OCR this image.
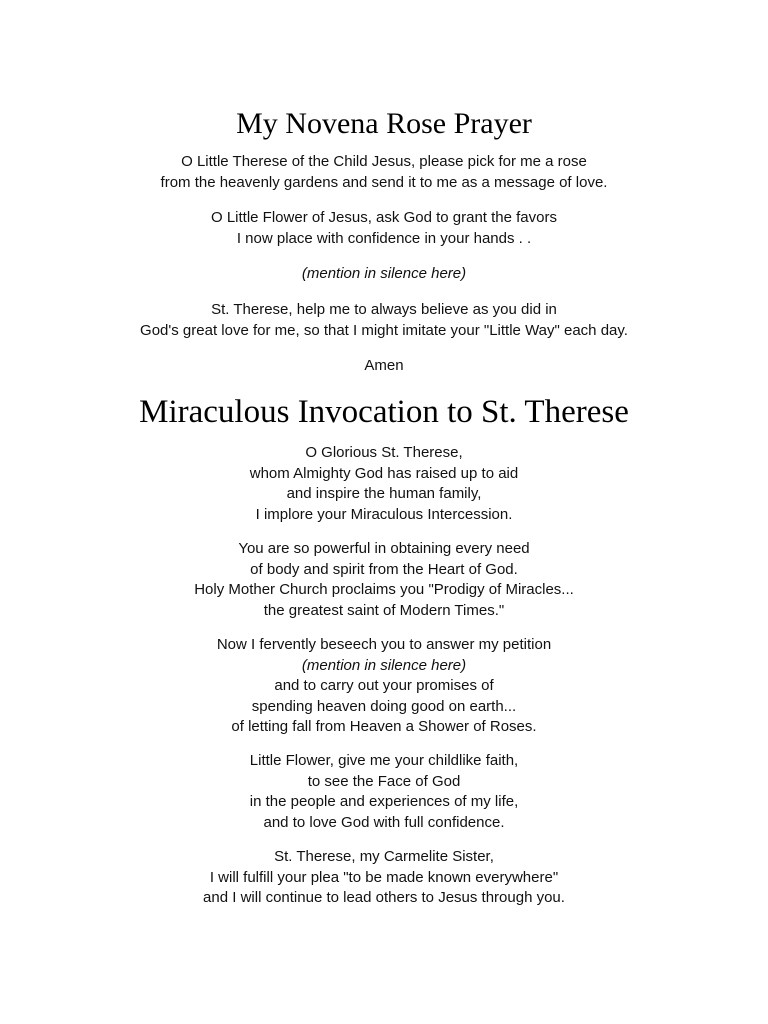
My Novena Rose Prayer
O Little Therese of the Child Jesus, please pick for me a rose
from the heavenly gardens and send it to me as a message of love.
O Little Flower of Jesus, ask God to grant the favors
I now place with confidence in your hands . .
(mention in silence here)
St. Therese, help me to always believe as you did in
God's great love for me, so that I might imitate your "Little Way" each day.
Amen
Miraculous Invocation to St. Therese
O Glorious St. Therese,
whom Almighty God has raised up to aid
and inspire the human family,
I implore your Miraculous Intercession.
You are so powerful in obtaining every need
of body and spirit from the Heart of God.
Holy Mother Church proclaims you "Prodigy of Miracles...
the greatest saint of Modern Times."
Now I fervently beseech you to answer my petition
(mention in silence here)
and to carry out your promises of
spending heaven doing good on earth...
of letting fall from Heaven a Shower of Roses.
Little Flower, give me your childlike faith,
to see the Face of God
in the people and experiences of my life,
and to love God with full confidence.
St. Therese, my Carmelite Sister,
I will fulfill your plea "to be made known everywhere"
and I will continue to lead others to Jesus through you.
